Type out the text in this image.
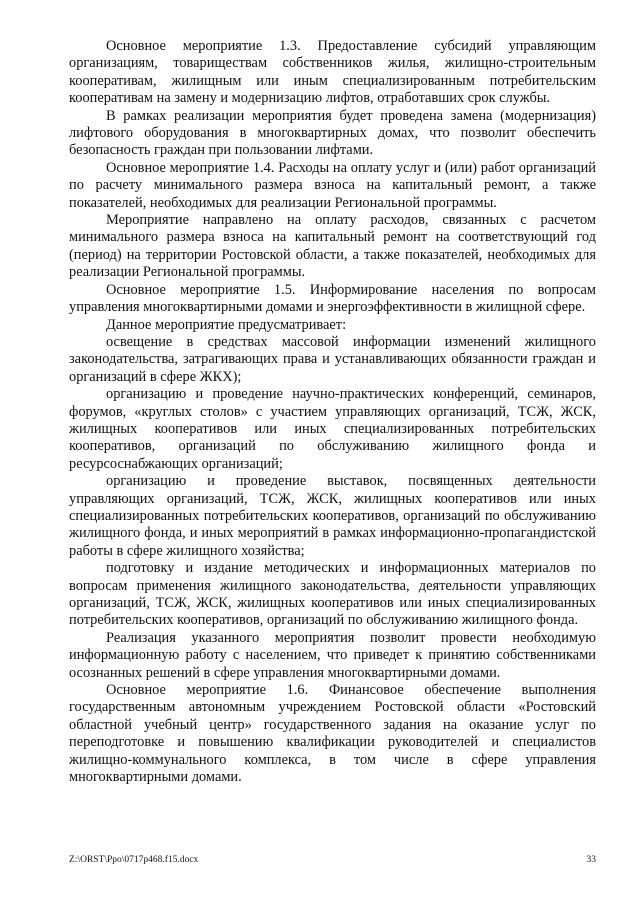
Основное мероприятие 1.3. Предоставление субсидий управляющим организациям, товариществам собственников жилья, жилищно-строительным кооперативам, жилищным или иным специализированным потребительским кооперативам на замену и модернизацию лифтов, отработавших срок службы.

В рамках реализации мероприятия будет проведена замена (модернизация) лифтового оборудования в многоквартирных домах, что позволит обеспечить безопасность граждан при пользовании лифтами.

Основное мероприятие 1.4. Расходы на оплату услуг и (или) работ организаций по расчету минимального размера взноса на капитальный ремонт, а также показателей, необходимых для реализации Региональной программы.

Мероприятие направлено на оплату расходов, связанных с расчетом минимального размера взноса на капитальный ремонт на соответствующий год (период) на территории Ростовской области, а также показателей, необходимых для реализации Региональной программы.

Основное мероприятие 1.5. Информирование населения по вопросам управления многоквартирными домами и энергоэффективности в жилищной сфере.

Данное мероприятие предусматривает:

освещение в средствах массовой информации изменений жилищного законодательства, затрагивающих права и устанавливающих обязанности граждан и организаций в сфере ЖКХ);

организацию и проведение научно-практических конференций, семинаров, форумов, «круглых столов» с участием управляющих организаций, ТСЖ, ЖСК, жилищных кооперативов или иных специализированных потребительских кооперативов, организаций по обслуживанию жилищного фонда и ресурсоснабжающих организаций;

организацию и проведение выставок, посвященных деятельности управляющих организаций, ТСЖ, ЖСК, жилищных кооперативов или иных специализированных потребительских кооперативов, организаций по обслуживанию жилищного фонда, и иных мероприятий в рамках информационно-пропагандистской работы в сфере жилищного хозяйства;

подготовку и издание методических и информационных материалов по вопросам применения жилищного законодательства, деятельности управляющих организаций, ТСЖ, ЖСК, жилищных кооперативов или иных специализированных потребительских кооперативов, организаций по обслуживанию жилищного фонда.

Реализация указанного мероприятия позволит провести необходимую информационную работу с населением, что приведет к принятию собственниками осознанных решений в сфере управления многоквартирными домами.

Основное мероприятие 1.6. Финансовое обеспечение выполнения государственным автономным учреждением Ростовской области «Ростовский областной учебный центр» государственного задания на оказание услуг по переподготовке и повышению квалификации руководителей и специалистов жилищно-коммунального комплекса, в том числе в сфере управления многоквартирными домами.

Z:\ORST\Ppo\0717p468.f15.docx	33
